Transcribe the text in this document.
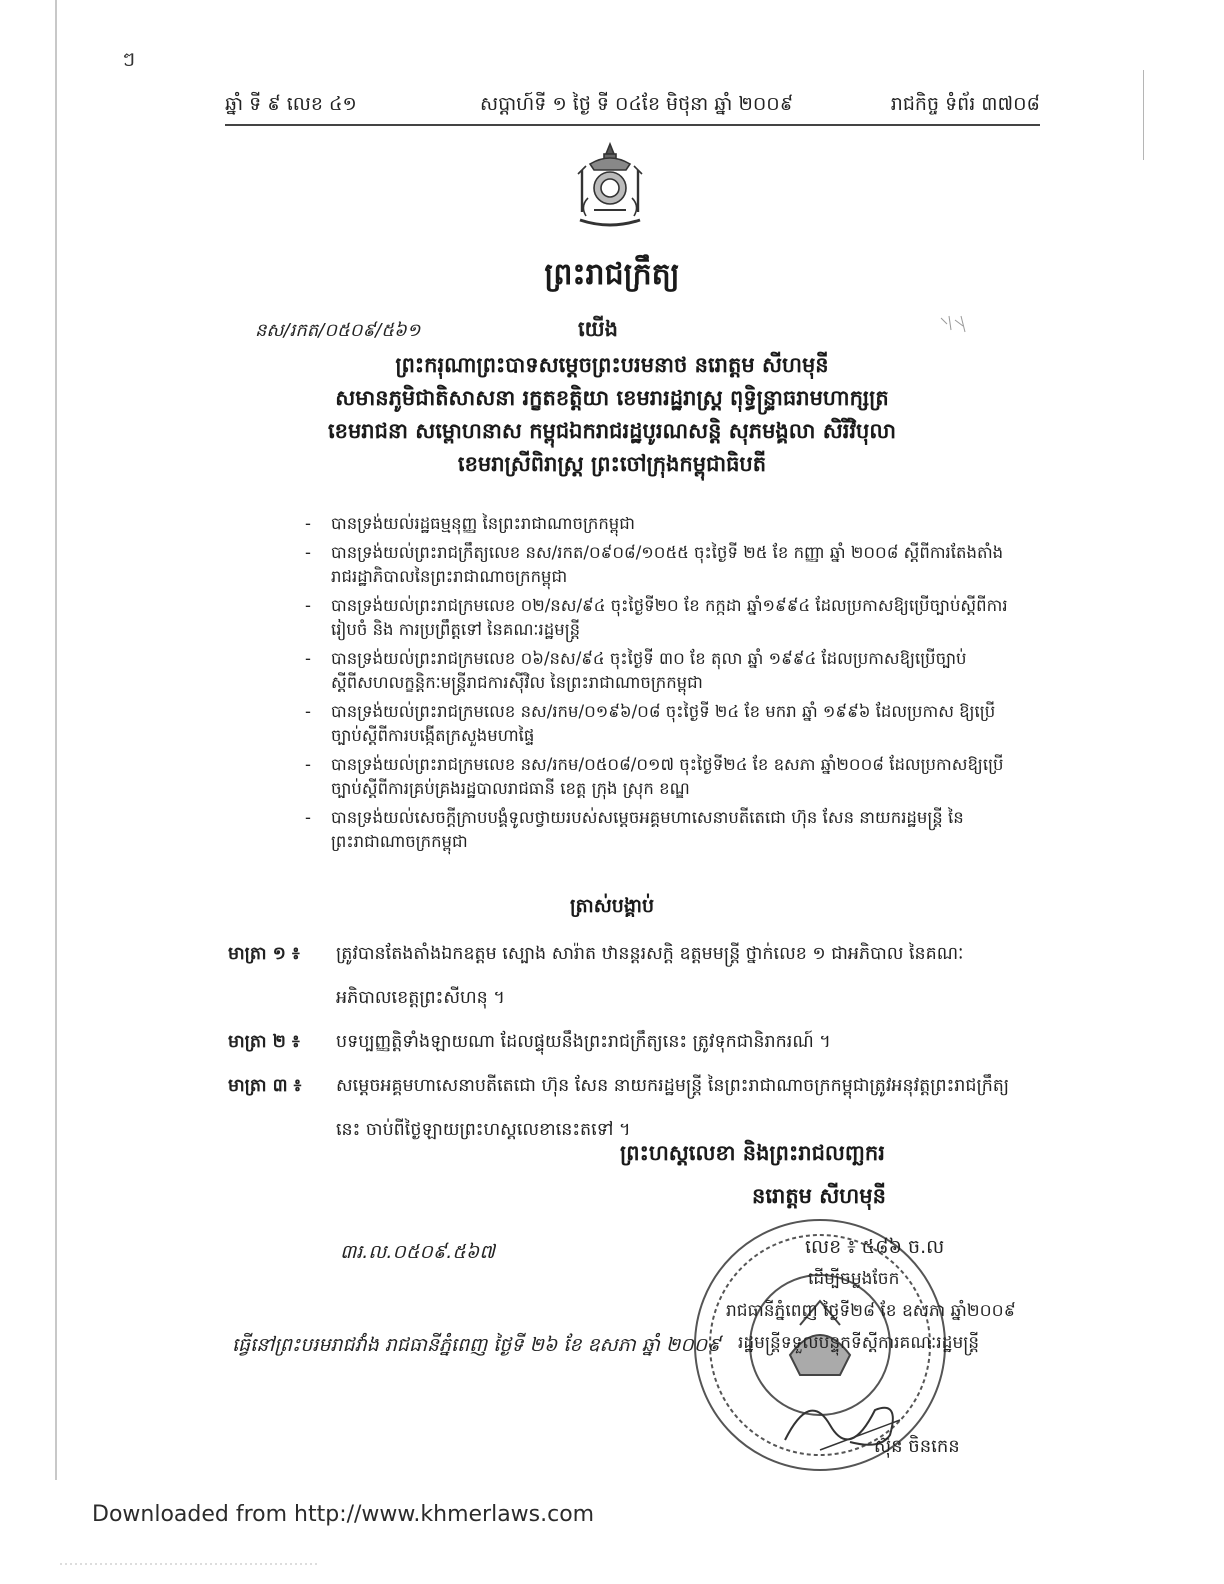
ៗ
ឆ្នាំ ទី ៩ លេខ ៤១	សប្តាហ៍ទី ១ ថ្ងៃ ទី ០៤ខែ មិថុនា ឆ្នាំ ២០០៩	រាជកិច្ច ទំព័រ ៣៧០៨
ព្រះរាជក្រឹត្យ
នស/រកត/០៥០៩/៥៦១	យើង
ព្រះករុណាព្រះបាទសម្តេចព្រះបរមនាថ នរោត្តម សីហមុនី
សមានភូមិជាតិសាសនា រក្ខតខត្តិយា ខេមរារដ្ឋរាស្ត្រ ពុទ្ធិន្ទ្រាធរាមហាក្សត្រ
ខេមរាជនា សម្ពោហនាស កម្ពុជឯករាជរដ្ឋបូរណសន្តិ សុភមង្គលា សិរីវិបុលា
ខេមរាស្រីពិរាស្ត្រ ព្រះចៅក្រុងកម្ពុជាធិបតី
- បានទ្រង់យល់រដ្ឋធម្មនុញ្ញ នៃព្រះរាជាណាចក្រកម្ពុជា
- បានទ្រង់យល់ព្រះរាជក្រឹត្យលេខ នស/រកត/០៩០៨/១០៥៥ ចុះថ្ងៃទី ២៥ ខែ កញ្ញា ឆ្នាំ ២០០៨ ស្តីពីការតែងតាំងរាជរដ្ឋាភិបាលនៃព្រះរាជាណាចក្រកម្ពុជា
- បានទ្រង់យល់ព្រះរាជក្រមលេខ ០២/នស/៩៤ ចុះថ្ងៃទី២០ ខែ កក្កដា ឆ្នាំ១៩៩៤ ដែលប្រកាសឱ្យប្រើច្បាប់ស្តីពីការរៀបចំ និង ការប្រព្រឹត្តទៅ នៃគណៈរដ្ឋមន្ត្រី
- បានទ្រង់យល់ព្រះរាជក្រមលេខ ០៦/នស/៩៤ ចុះថ្ងៃទី ៣០ ខែ តុលា ឆ្នាំ ១៩៩៤ ដែលប្រកាសឱ្យប្រើច្បាប់ស្តីពីសហលក្ខន្តិកៈមន្ត្រីរាជការស៊ីវិល នៃព្រះរាជាណាចក្រកម្ពុជា
- បានទ្រង់យល់ព្រះរាជក្រមលេខ នស/រកម/០១៩៦/០៨ ចុះថ្ងៃទី ២៤ ខែ មករា ឆ្នាំ ១៩៩៦ ដែលប្រកាស ឱ្យប្រើច្បាប់ស្តីពីការបង្កើតក្រសួងមហាផ្ទៃ
- បានទ្រង់យល់ព្រះរាជក្រមលេខ នស/រកម/០៥០៨/០១៧ ចុះថ្ងៃទី២៤ ខែ ឧសភា ឆ្នាំ២០០៨ ដែលប្រកាសឱ្យប្រើច្បាប់ស្តីពីការគ្រប់គ្រងរដ្ឋបាលរាជធានី ខេត្ត ក្រុង ស្រុក ខណ្ឌ
- បានទ្រង់យល់សេចក្តីក្រាបបង្គំទូលថ្វាយរបស់សម្តេចអគ្គមហាសេនាបតីតេជោ ហ៊ុន សែន នាយករដ្ឋមន្ត្រី នៃព្រះរាជាណាចក្រកម្ពុជា
ត្រាស់បង្គាប់
មាត្រា ១ ៖ ត្រូវបានតែងតាំងឯកឧត្តម ស្បោង សារ៉ាត ឋានន្តរសក្តិ ឧត្តមមន្ត្រី ថ្នាក់លេខ ១ ជាអភិបាល នៃគណៈអភិបាលខេត្តព្រះសីហនុ ។
មាត្រា ២ ៖ បទប្បញ្ញត្តិទាំងឡាយណា ដែលផ្ទុយនឹងព្រះរាជក្រឹត្យនេះ ត្រូវទុកជានិរាករណ៍ ។
មាត្រា ៣ ៖ សម្តេចអគ្គមហាសេនាបតីតេជោ ហ៊ុន សែន នាយករដ្ឋមន្ត្រី នៃព្រះរាជាណាចក្រកម្ពុជាត្រូវអនុវត្តព្រះរាជក្រឹត្យនេះ ចាប់ពីថ្ងៃឡាយព្រះហស្តលេខានេះតទៅ ។
ព្រះហស្តលេខា និងព្រះរាជលញ្ឆករ
នរោត្តម សីហមុនី
៣រ.ល.០៥០៩.៥៦៧	លេខ ៖ ៥៨៦ ច.ល
ដើម្បីចម្លងចែក
រាជធានីភ្នំពេញ ថ្ងៃទី២៨ ខែ ឧសភា ឆ្នាំ២០០៩
រដ្ឋមន្ត្រីទទួលបន្ទុកទីស្តីការគណៈរដ្ឋមន្ត្រី
ធ្វើនៅព្រះបរមរាជវាំង រាជធានីភ្នំពេញ ថ្ងៃទី ២៦ ខែ ឧសភា ឆ្នាំ ២០០៩
ស៊ុន ចិនកេន
Downloaded from http://www.khmerlaws.com
